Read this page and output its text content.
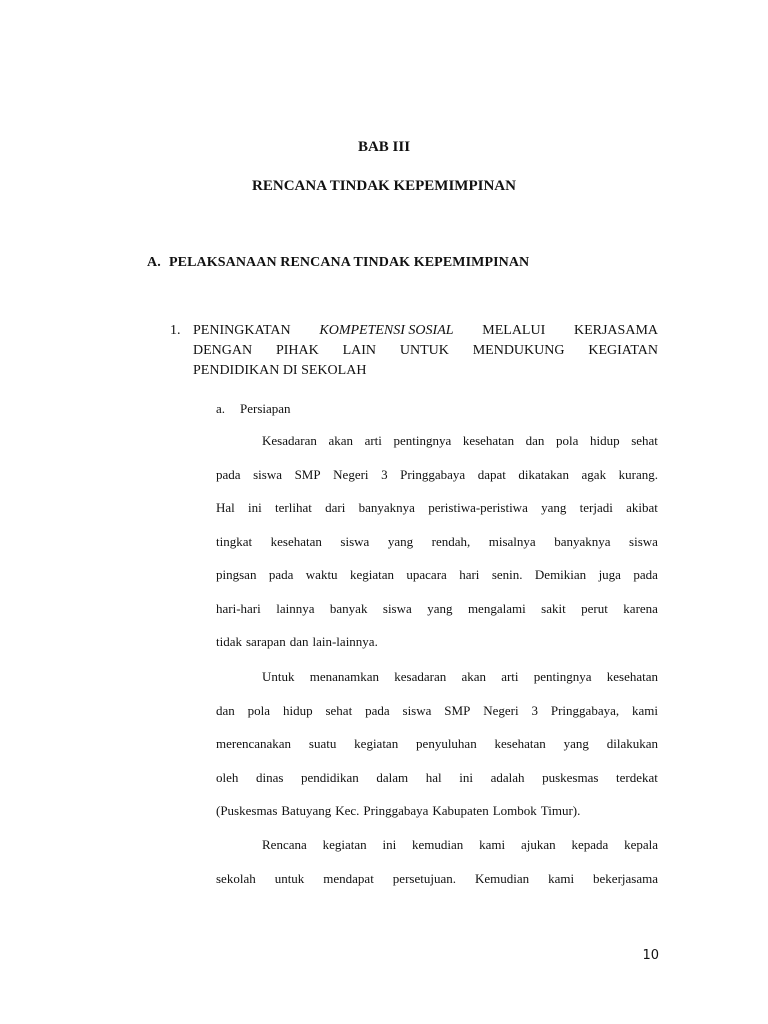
BAB III
RENCANA TINDAK KEPEMIMPINAN
A. PELAKSANAAN RENCANA TINDAK KEPEMIMPINAN
1. PENINGKATAN KOMPETENSI SOSIAL MELALUI KERJASAMA
DENGAN PIHAK LAIN UNTUK MENDUKUNG KEGIATAN
PENDIDIKAN DI SEKOLAH
a. Persiapan
Kesadaran akan arti pentingnya kesehatan dan pola hidup sehat
pada siswa SMP Negeri 3 Pringgabaya dapat dikatakan agak kurang.
Hal ini terlihat dari banyaknya peristiwa-peristiwa yang terjadi akibat
tingkat kesehatan siswa yang rendah, misalnya banyaknya siswa
pingsan pada waktu kegiatan upacara hari senin. Demikian juga pada
hari-hari lainnya banyak siswa yang mengalami sakit perut karena
tidak sarapan dan lain-lainnya.
Untuk menanamkan kesadaran akan arti pentingnya kesehatan
dan pola hidup sehat pada siswa SMP Negeri 3 Pringgabaya, kami
merencanakan suatu kegiatan penyuluhan kesehatan yang dilakukan
oleh dinas pendidikan dalam hal ini adalah puskesmas terdekat
(Puskesmas Batuyang Kec. Pringgabaya Kabupaten Lombok Timur).
Rencana kegiatan ini kemudian kami ajukan kepada kepala
sekolah untuk mendapat persetujuan. Kemudian kami bekerjasama
10
